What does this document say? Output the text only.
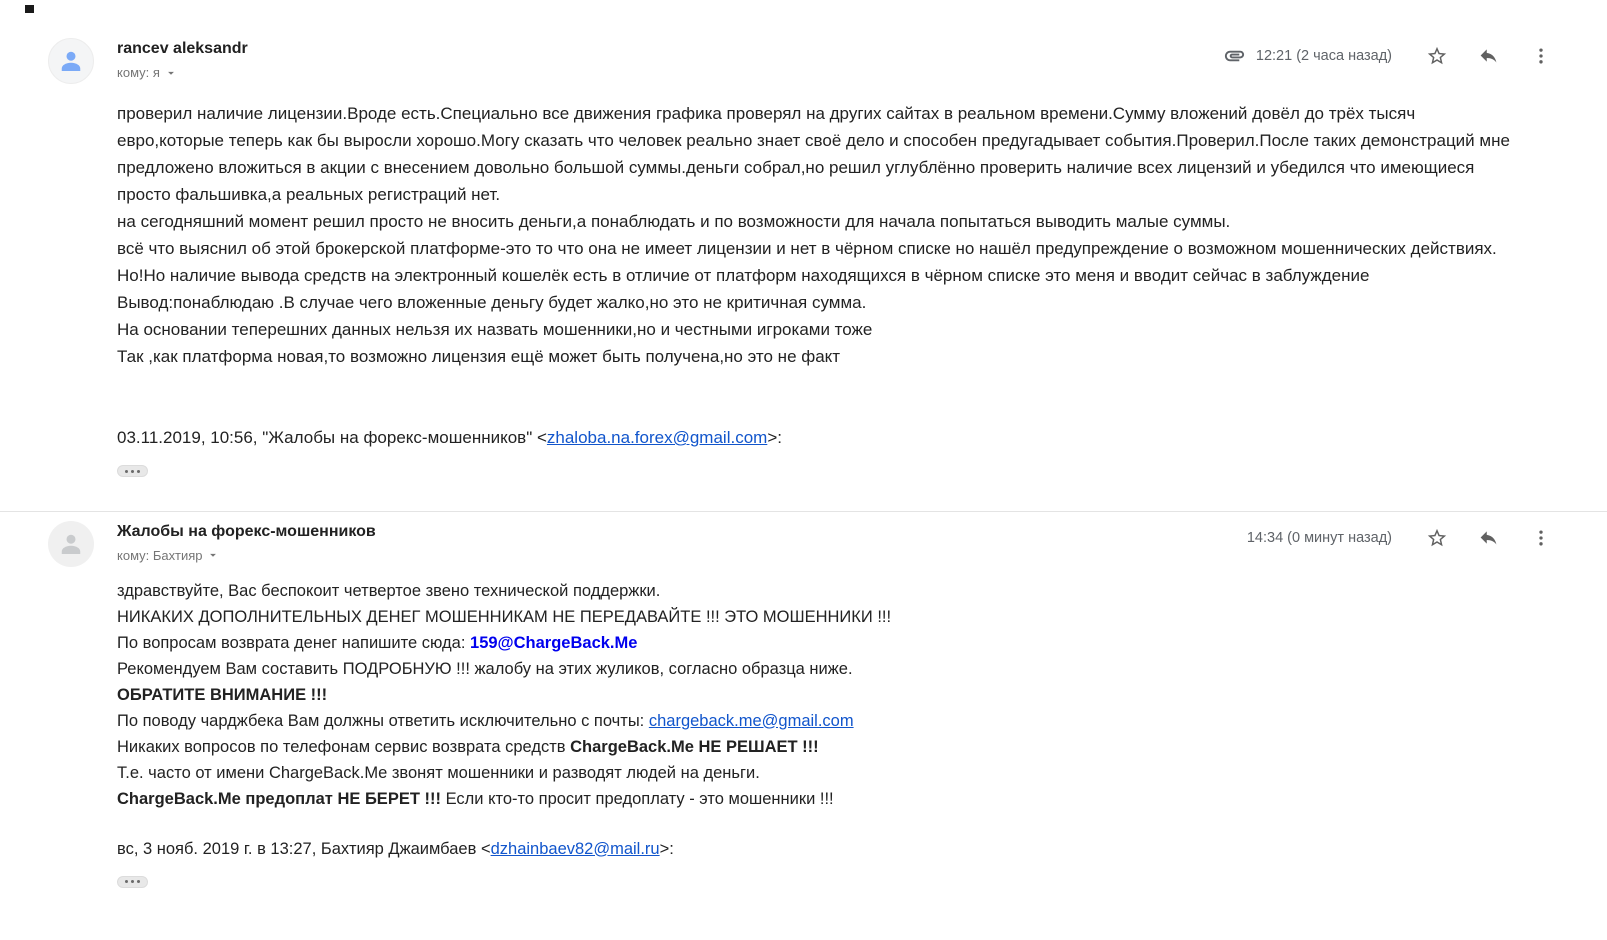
rancev aleksandr
кому: я
12:21 (2 часа назад)
проверил наличие лицензии.Вроде есть.Специально все движения графика проверял на других сайтах в реальном времени.Сумму вложений довёл до трёх тысяч евро,которые теперь как бы выросли хорошо.Могу сказать что человек реально знает своё дело и способен предугадывает события.Проверил.После таких демонстраций мне предложено вложиться в акции с внесением довольно большой суммы.деньги собрал,но решил углублённо проверить наличие всех лицензий и убедился что имеющиеся просто фальшивка,а реальных регистраций нет.
на сегодняшний момент решил просто не вносить деньги,а понаблюдать и по возможности для начала попытаться выводить малые суммы.
всё что выяснил об этой брокерской платформе-это то что она не имеет лицензии и нет в чёрном списке но нашёл предупреждение о возможном мошеннических действиях.
Но!Но наличие вывода средств на электронный кошелёк есть в отличие от платформ находящихся в чёрном списке это меня и вводит сейчас в заблуждение
Вывод:понаблюдаю .В случае чего вложенные деньгу будет жалко,но это не критичная сумма.
На основании теперешних данных нельзя их назвать мошенники,но и честными игроками тоже
Так ,как платформа новая,то возможно лицензия ещё может быть получена,но это не факт
03.11.2019, 10:56, "Жалобы на форекс-мошенников" <zhaloba.na.forex@gmail.com>:
Жалобы на форекс-мошенников
кому: Бахтияр
14:34 (0 минут назад)
здравствуйте, Вас беспокоит четвертое звено технической поддержки.
НИКАКИХ ДОПОЛНИТЕЛЬНЫХ ДЕНЕГ МОШЕННИКАМ НЕ ПЕРЕДАВАЙТЕ !!! ЭТО МОШЕННИКИ !!!
По вопросам возврата денег напишите сюда: 159@ChargeBack.Me
Рекомендуем Вам составить ПОДРОБНУЮ !!! жалобу на этих жуликов, согласно образца ниже.
ОБРАТИТЕ ВНИМАНИЕ !!!
По поводу чарджбека Вам должны ответить исключительно с почты: chargeback.me@gmail.com
Никаких вопросов по телефонам сервис возврата средств ChargeBack.Me НЕ РЕШАЕТ !!!
Т.е. часто от имени ChargeBack.Me звонят мошенники и разводят людей на деньги.
ChargeBack.Me предоплат НЕ БЕРЕТ !!! Если кто-то просит предоплату - это мошенники !!!
вс, 3 нояб. 2019 г. в 13:27, Бахтияр Джаимбаев <dzhainbaev82@mail.ru>:
